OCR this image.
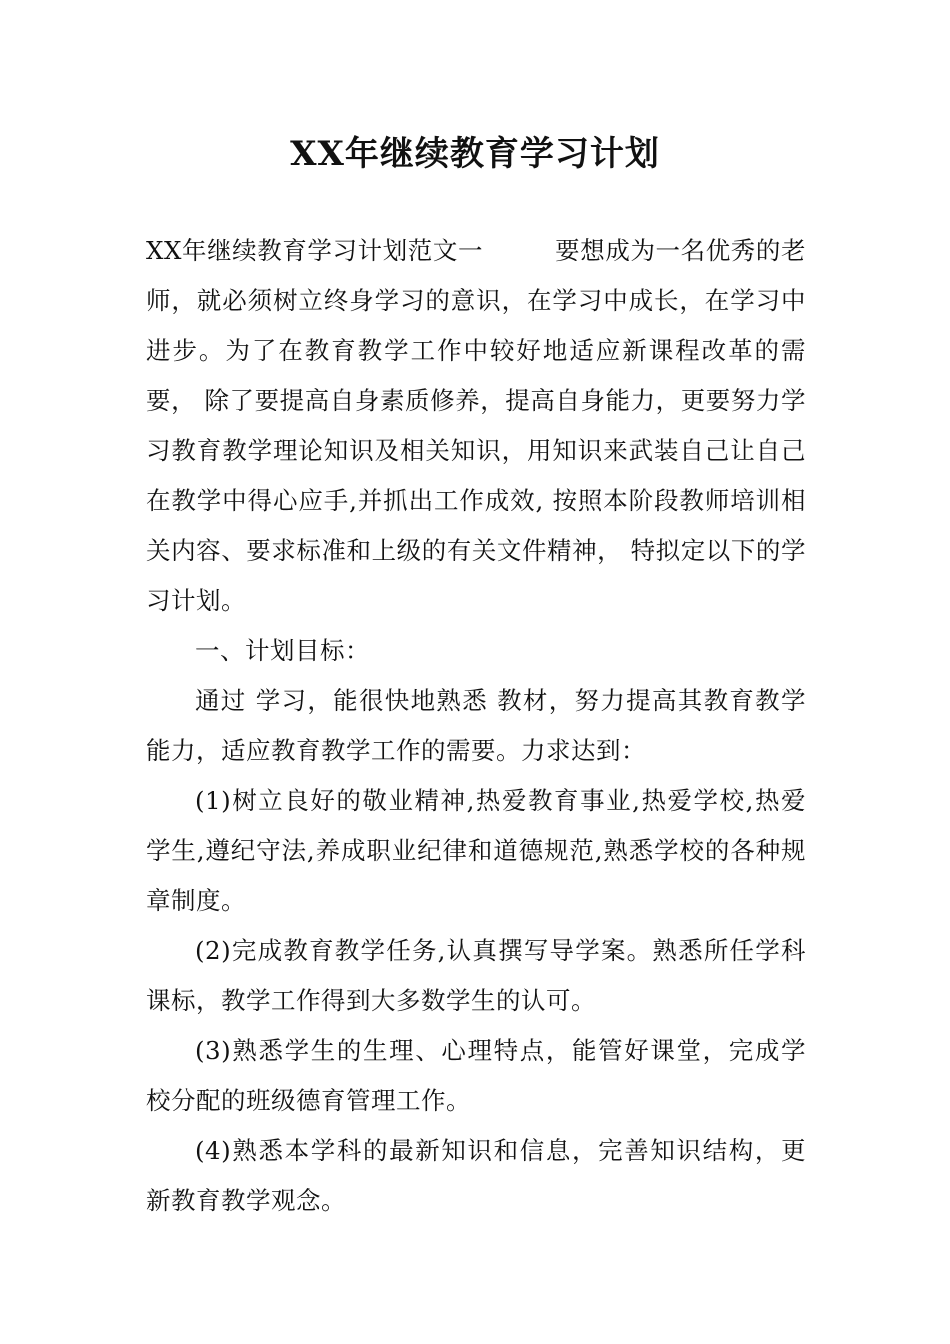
XX年继续教育学习计划

XX年继续教育学习计划范文一	要想成为一名优秀的老师，就必须树立终身学习的意识，在学习中成长，在学习中进步。为了在教育教学工作中较好地适应新课程改革的需要， 除了要提高自身素质修养，提高自身能力，更要努力学习教育教学理论知识及相关知识，用知识来武装自己让自己在教学中得心应手,并抓出工作成效, 按照本阶段教师培训相关内容、要求标准和上级的有关文件精神， 特拟定以下的学习计划。

一、计划目标：

通过 学习，能很快地熟悉 教材，努力提高其教育教学能力，适应教育教学工作的需要。力求达到：

(1)树立良好的敬业精神,热爱教育事业,热爱学校,热爱学生,遵纪守法,养成职业纪律和道德规范,熟悉学校的各种规章制度。

(2)完成教育教学任务,认真撰写导学案。熟悉所任学科课标，教学工作得到大多数学生的认可。

(3)熟悉学生的生理、心理特点，能管好课堂，完成学校分配的班级德育管理工作。

(4)熟悉本学科的最新知识和信息，完善知识结构，更新教育教学观念。
